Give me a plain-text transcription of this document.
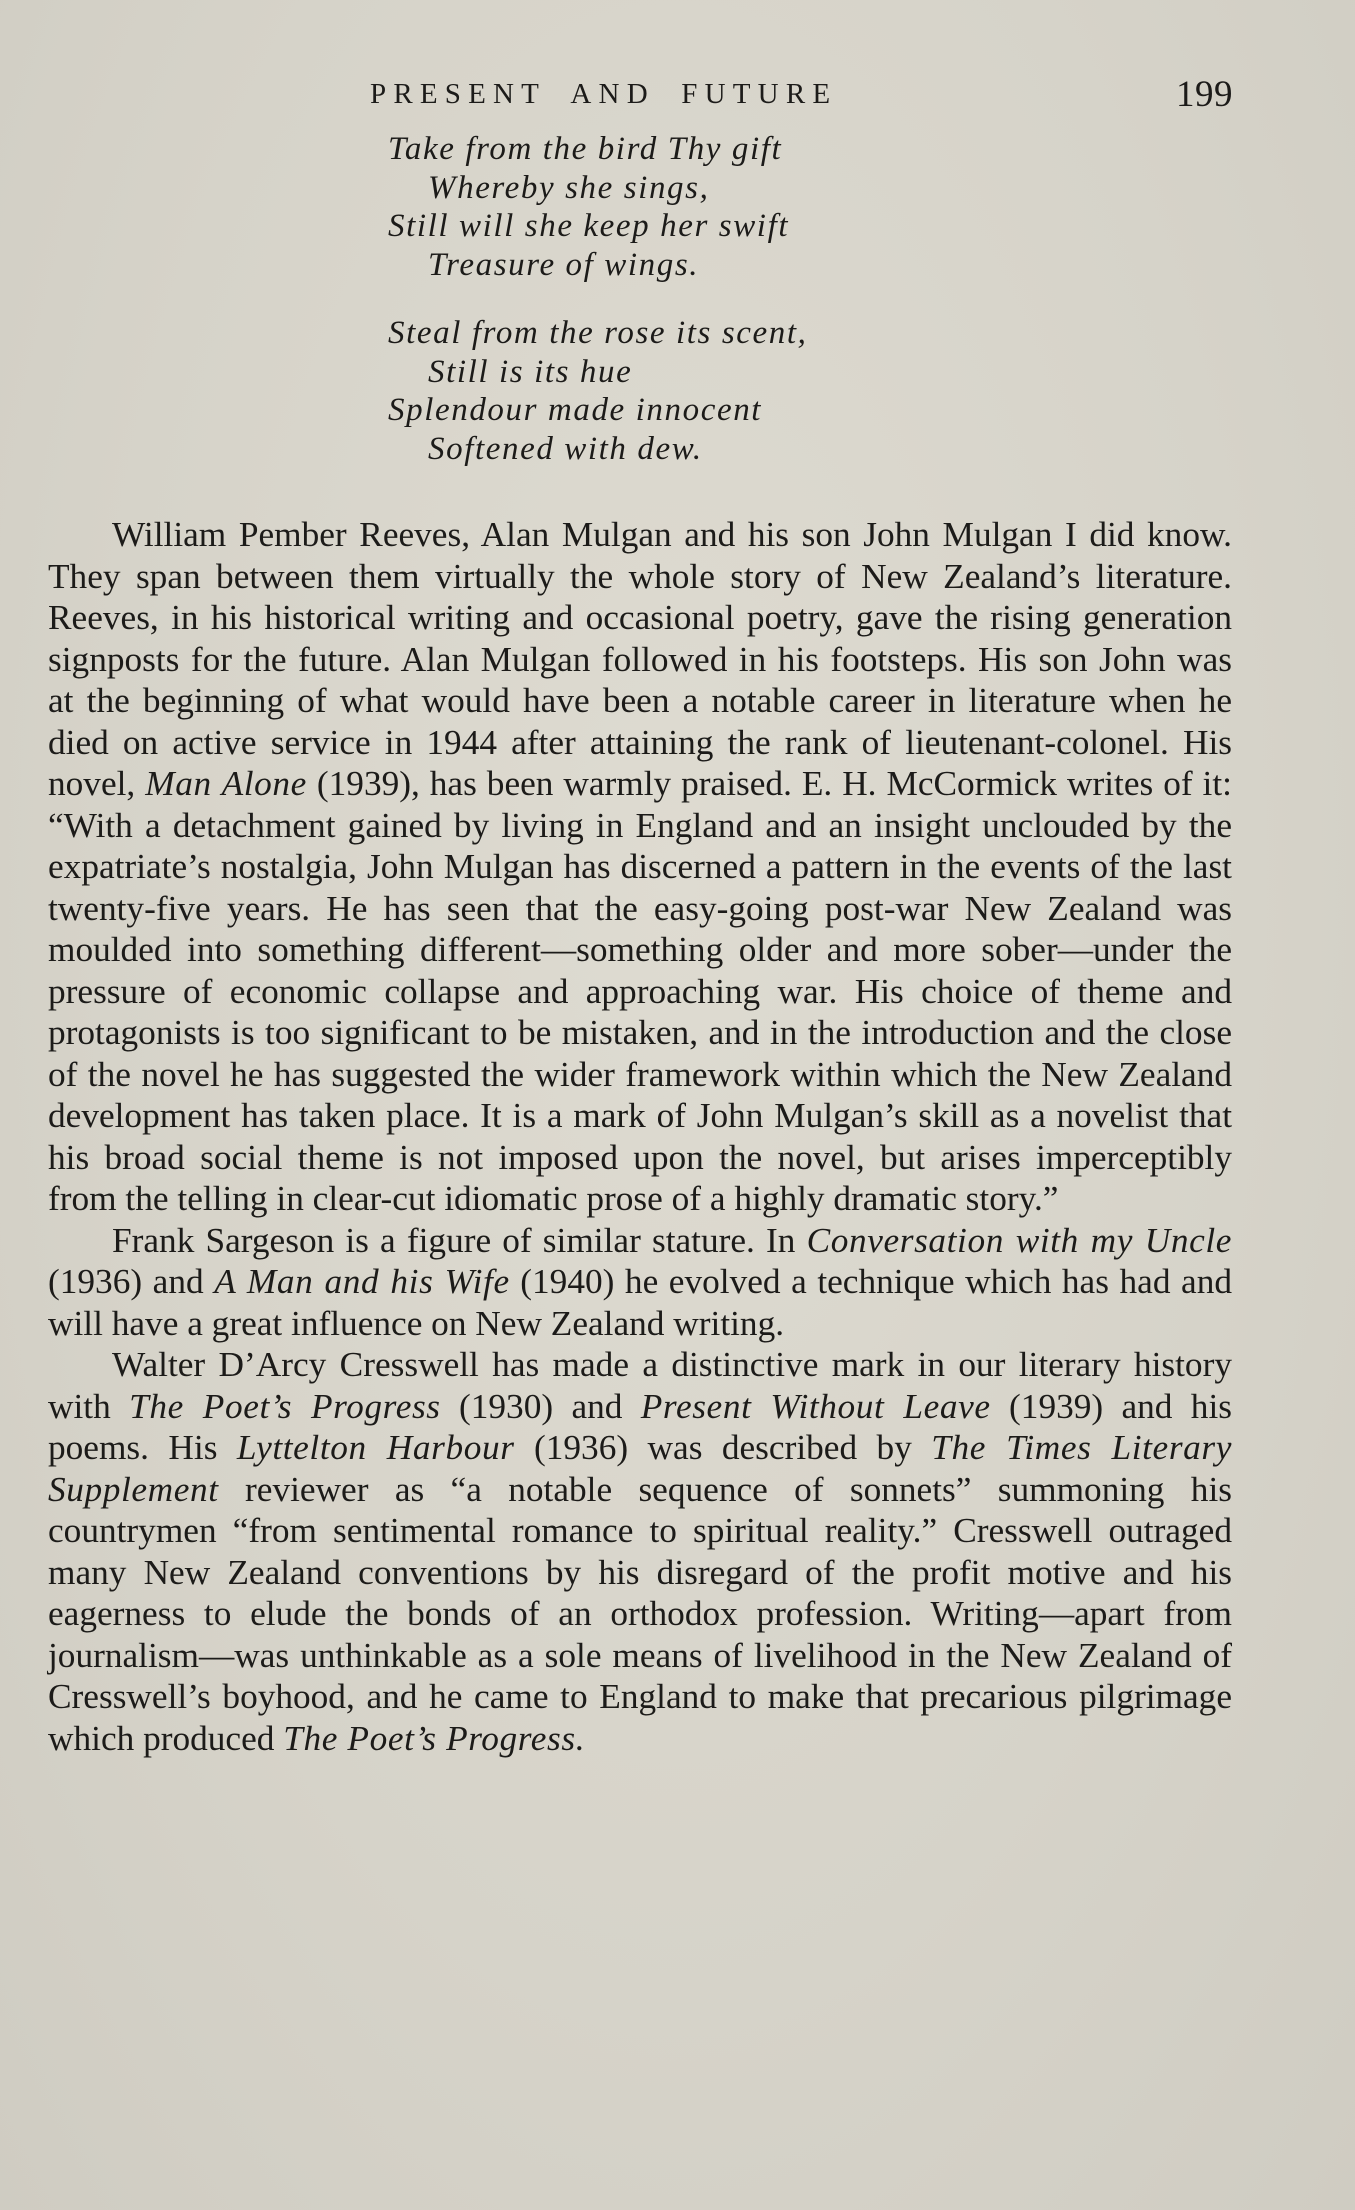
PRESENT AND FUTURE	199
Take from the bird Thy gift
Whereby she sings,
Still will she keep her swift
Treasure of wings.
Steal from the rose its scent,
Still is its hue
Splendour made innocent
Softened with dew.

William Pember Reeves, Alan Mulgan and his son John Mulgan I did know. They span between them virtually the whole story of New Zealand’s literature. Reeves, in his historical writing and occasional poetry, gave the rising generation signposts for the future. Alan Mulgan followed in his footsteps. His son John was at the beginning of what would have been a notable career in literature when he died on active service in 1944 after attaining the rank of lieutenant-colonel. His novel, Man Alone (1939), has been warmly praised. E. H. McCormick writes of it: “With a detachment gained by living in England and an insight unclouded by the expatriate’s nostalgia, John Mulgan has discerned a pattern in the events of the last twenty-five years. He has seen that the easy-going post-war New Zealand was moulded into something different—something older and more sober—under the pressure of economic collapse and approaching war. His choice of theme and protagonists is too significant to be mistaken, and in the introduction and the close of the novel he has suggested the wider framework within which the New Zealand development has taken place. It is a mark of John Mulgan’s skill as a novelist that his broad social theme is not imposed upon the novel, but arises imperceptibly from the telling in clear-cut idiomatic prose of a highly dramatic story.”

Frank Sargeson is a figure of similar stature. In Conversation with my Uncle (1936) and A Man and his Wife (1940) he evolved a technique which has had and will have a great influence on New Zealand writing.

Walter D’Arcy Cresswell has made a distinctive mark in our literary history with The Poet’s Progress (1930) and Present Without Leave (1939) and his poems. His Lyttelton Harbour (1936) was described by The Times Literary Supplement reviewer as “a notable sequence of sonnets” summoning his countrymen “from sentimental romance to spiritual reality.” Cresswell outraged many New Zealand conventions by his disregard of the profit motive and his eagerness to elude the bonds of an orthodox profession. Writing—apart from journalism—was unthinkable as a sole means of livelihood in the New Zealand of Cresswell’s boyhood, and he came to England to make that precarious pilgrimage which produced The Poet’s Progress.
